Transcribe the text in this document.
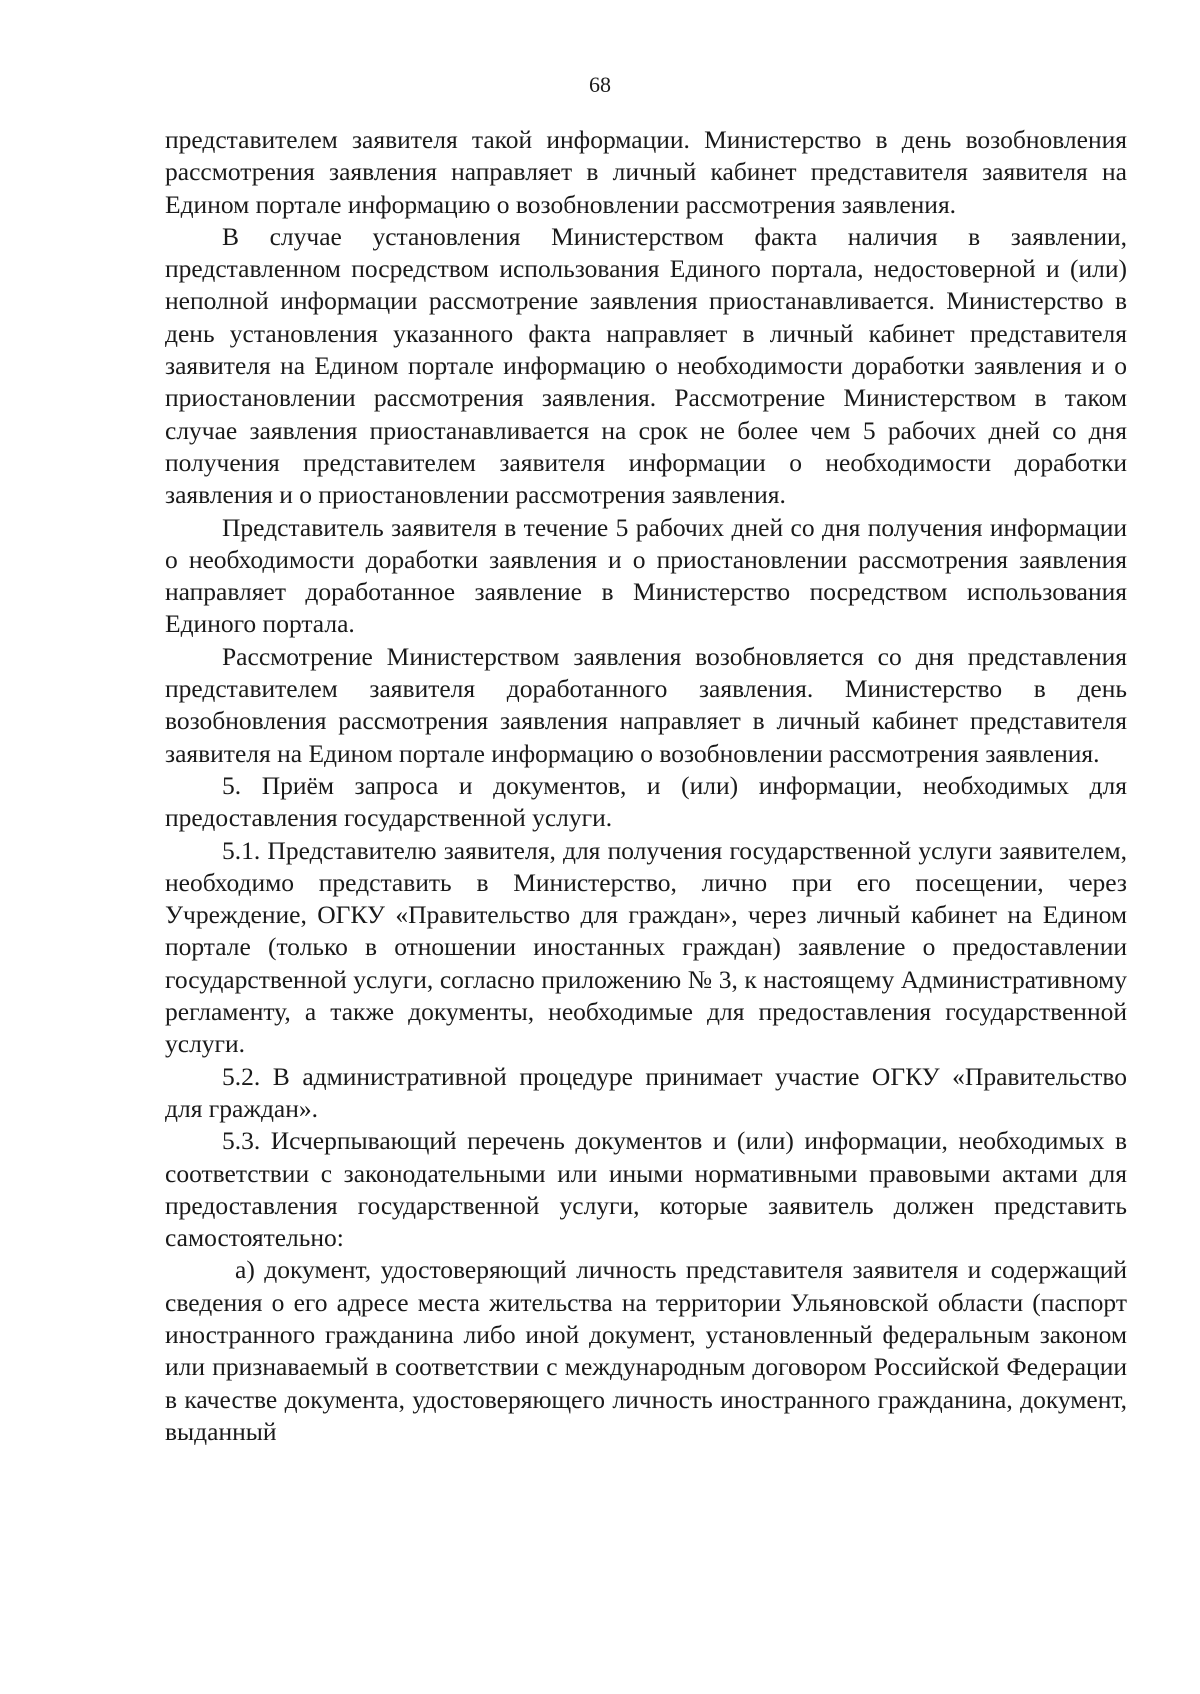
68

представителем заявителя такой информации. Министерство в день возобновления рассмотрения заявления направляет в личный кабинет представителя заявителя на Едином портале информацию о возобновлении рассмотрения заявления.

В случае установления Министерством факта наличия в заявлении, представленном посредством использования Единого портала, недостоверной и (или) неполной информации рассмотрение заявления приостанавливается. Министерство в день установления указанного факта направляет в личный кабинет представителя заявителя на Едином портале информацию о необходимости доработки заявления и о приостановлении рассмотрения заявления. Рассмотрение Министерством в таком случае заявления приостанавливается на срок не более чем 5 рабочих дней со дня получения представителем заявителя информации о необходимости доработки заявления и о приостановлении рассмотрения заявления.

Представитель заявителя в течение 5 рабочих дней со дня получения информации о необходимости доработки заявления и о приостановлении рассмотрения заявления направляет доработанное заявление в Министерство посредством использования Единого портала.

Рассмотрение Министерством заявления возобновляется со дня представления представителем заявителя доработанного заявления. Министерство в день возобновления рассмотрения заявления направляет в личный кабинет представителя заявителя на Едином портале информацию о возобновлении рассмотрения заявления.

5. Приём запроса и документов, и (или) информации, необходимых для предоставления государственной услуги.

5.1. Представителю заявителя, для получения государственной услуги заявителем, необходимо представить в Министерство, лично при его посещении, через Учреждение, ОГКУ «Правительство для граждан», через личный кабинет на Едином портале (только в отношении иностанных граждан) заявление о предоставлении государственной услуги, согласно приложению № 3, к настоящему Административному регламенту, а также документы, необходимые для предоставления государственной услуги.

5.2. В административной процедуре принимает участие ОГКУ «Правительство для граждан».

5.3. Исчерпывающий перечень документов и (или) информации, необходимых в соответствии с законодательными или иными нормативными правовыми актами для предоставления государственной услуги, которые заявитель должен представить самостоятельно:

а) документ, удостоверяющий личность представителя заявителя и содержащий сведения о его адресе места жительства на территории Ульяновской области (паспорт иностранного гражданина либо иной документ, установленный федеральным законом или признаваемый в соответствии с международным договором Российской Федерации в качестве документа, удостоверяющего личность иностранного гражданина, документ, выданный
